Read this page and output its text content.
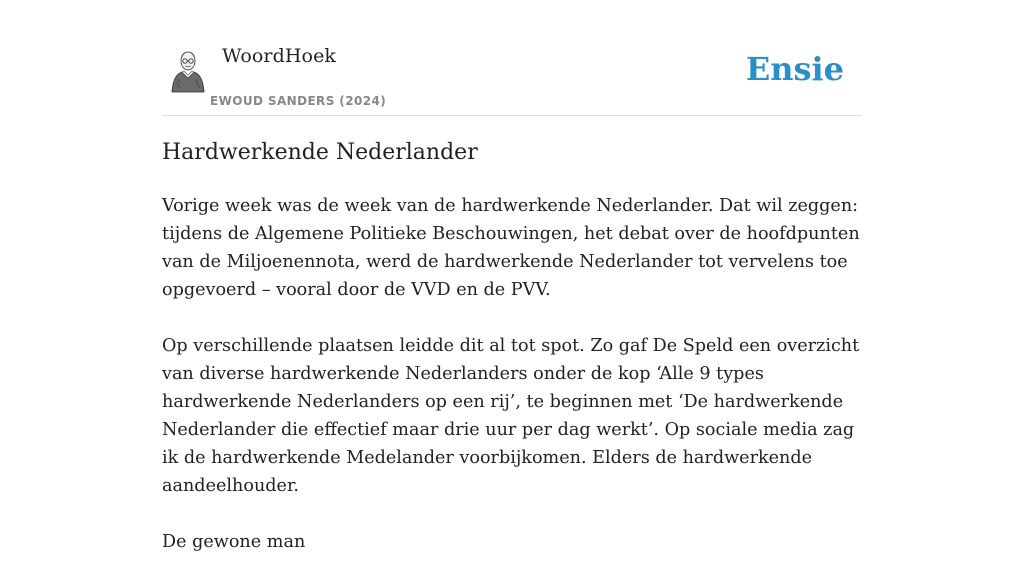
WoordHoek
EWOUD SANDERS (2024)
Ensie
Hardwerkende Nederlander

Vorige week was de week van de hardwerkende Nederlander. Dat wil zeggen: tijdens de Algemene Politieke Beschouwingen, het debat over de hoofdpunten van de Miljoenennota, werd de hardwerkende Nederlander tot vervelens toe opgevoerd – vooral door de VVD en de PVV.

Op verschillende plaatsen leidde dit al tot spot. Zo gaf De Speld een overzicht van diverse hardwerkende Nederlanders onder de kop ‘Alle 9 types hardwerkende Nederlanders op een rij’, te beginnen met ‘De hardwerkende Nederlander die effectief maar drie uur per dag werkt’. Op sociale media zag ik de hardwerkende Medelander voorbijkomen. Elders de hardwerkende aandeelhouder.

De gewone man
